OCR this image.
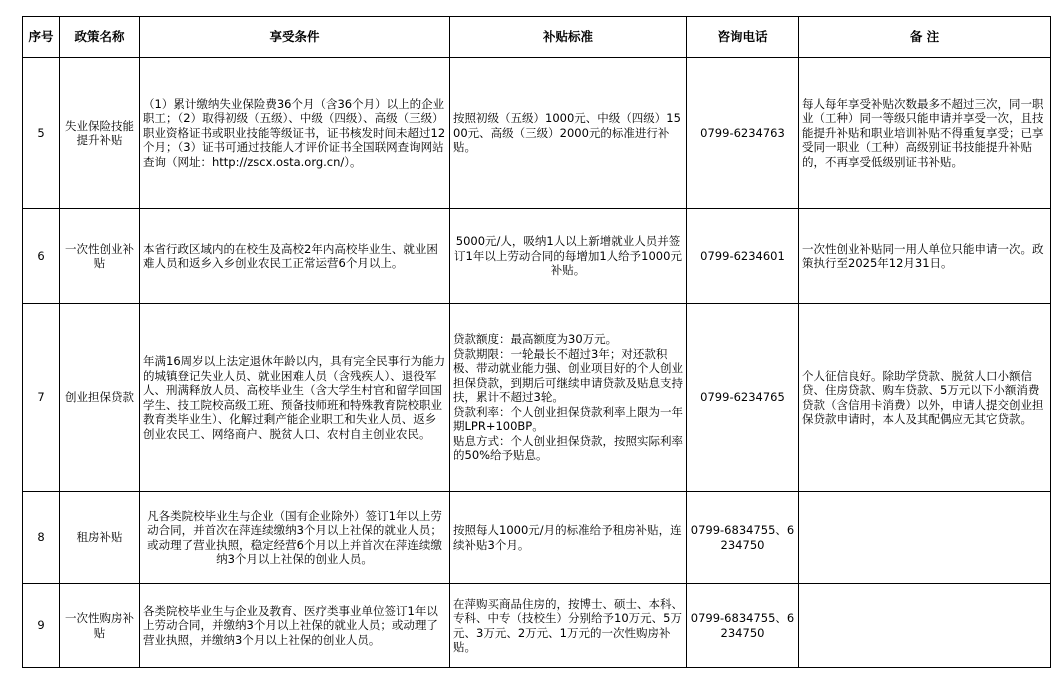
序号	政策名称	享受条件	补贴标准	咨询电话	备 注
5	失业保险技能提升补贴	（1）累计缴纳失业保险费36个月（含36个月）以上的企业职工；（2）取得初级（五级）、中级（四级）、高级（三级）职业资格证书或职业技能等级证书，证书核发时间未超过12个月；（3）证书可通过技能人才评价证书全国联网查询网站查询（网址：http://zscx.osta.org.cn/）。	按照初级（五级）1000元、中级（四级）1500元、高级（三级）2000元的标准进行补贴。	0799-6234763	每人每年享受补贴次数最多不超过三次，同一职业（工种）同一等级只能申请并享受一次，且技能提升补贴和职业培训补贴不得重复享受；已享受同一职业（工种）高级别证书技能提升补贴的，不再享受低级别证书补贴。
6	一次性创业补贴	本省行政区域内的在校生及高校2年内高校毕业生、就业困难人员和返乡入乡创业农民工正常运营6个月以上。	5000元/人，吸纳1人以上新增就业人员并签订1年以上劳动合同的每增加1人给予1000元补贴。	0799-6234601	一次性创业补贴同一用人单位只能申请一次。政策执行至2025年12月31日。
7	创业担保贷款	年满16周岁以上法定退休年龄以内，具有完全民事行为能力的城镇登记失业人员、就业困难人员（含残疾人）、退役军人、刑满释放人员、高校毕业生（含大学生村官和留学回国学生、技工院校高级工班、预备技师班和特殊教育院校职业教育类毕业生）、化解过剩产能企业职工和失业人员、返乡创业农民工、网络商户、脱贫人口、农村自主创业农民。	贷款额度：最高额度为30万元。
贷款期限：一轮最长不超过3年；对还款积极、带动就业能力强、创业项目好的个人创业担保贷款，到期后可继续申请贷款及贴息支持扶，累计不超过3轮。
贷款利率：个人创业担保贷款利率上限为一年期LPR+100BP。
贴息方式：个人创业担保贷款，按照实际利率的50%给予贴息。	0799-6234765	个人征信良好。除助学贷款、脱贫人口小额信贷、住房贷款、购车贷款、5万元以下小额消费贷款（含信用卡消费）以外，申请人提交创业担保贷款申请时，本人及其配偶应无其它贷款。
8	租房补贴	凡各类院校毕业生与企业（国有企业除外）签订1年以上劳动合同，并首次在萍连续缴纳3个月以上社保的就业人员；或动理了营业执照，稳定经营6个月以上并首次在萍连续缴纳3个月以上社保的创业人员。	按照每人1000元/月的标准给予租房补贴，连续补贴3个月。	0799-6834755、6234750	
9	一次性购房补贴	各类院校毕业生与企业及教育、医疗类事业单位签订1年以上劳动合同，并缴纳3个月以上社保的就业人员；或动理了营业执照，并缴纳3个月以上社保的创业人员。	在萍购买商品住房的，按博士、硕士、本科、专科、中专（技校生）分别给予10万元、5万元、3万元、2万元、1万元的一次性购房补贴。	0799-6834755、6234750	
